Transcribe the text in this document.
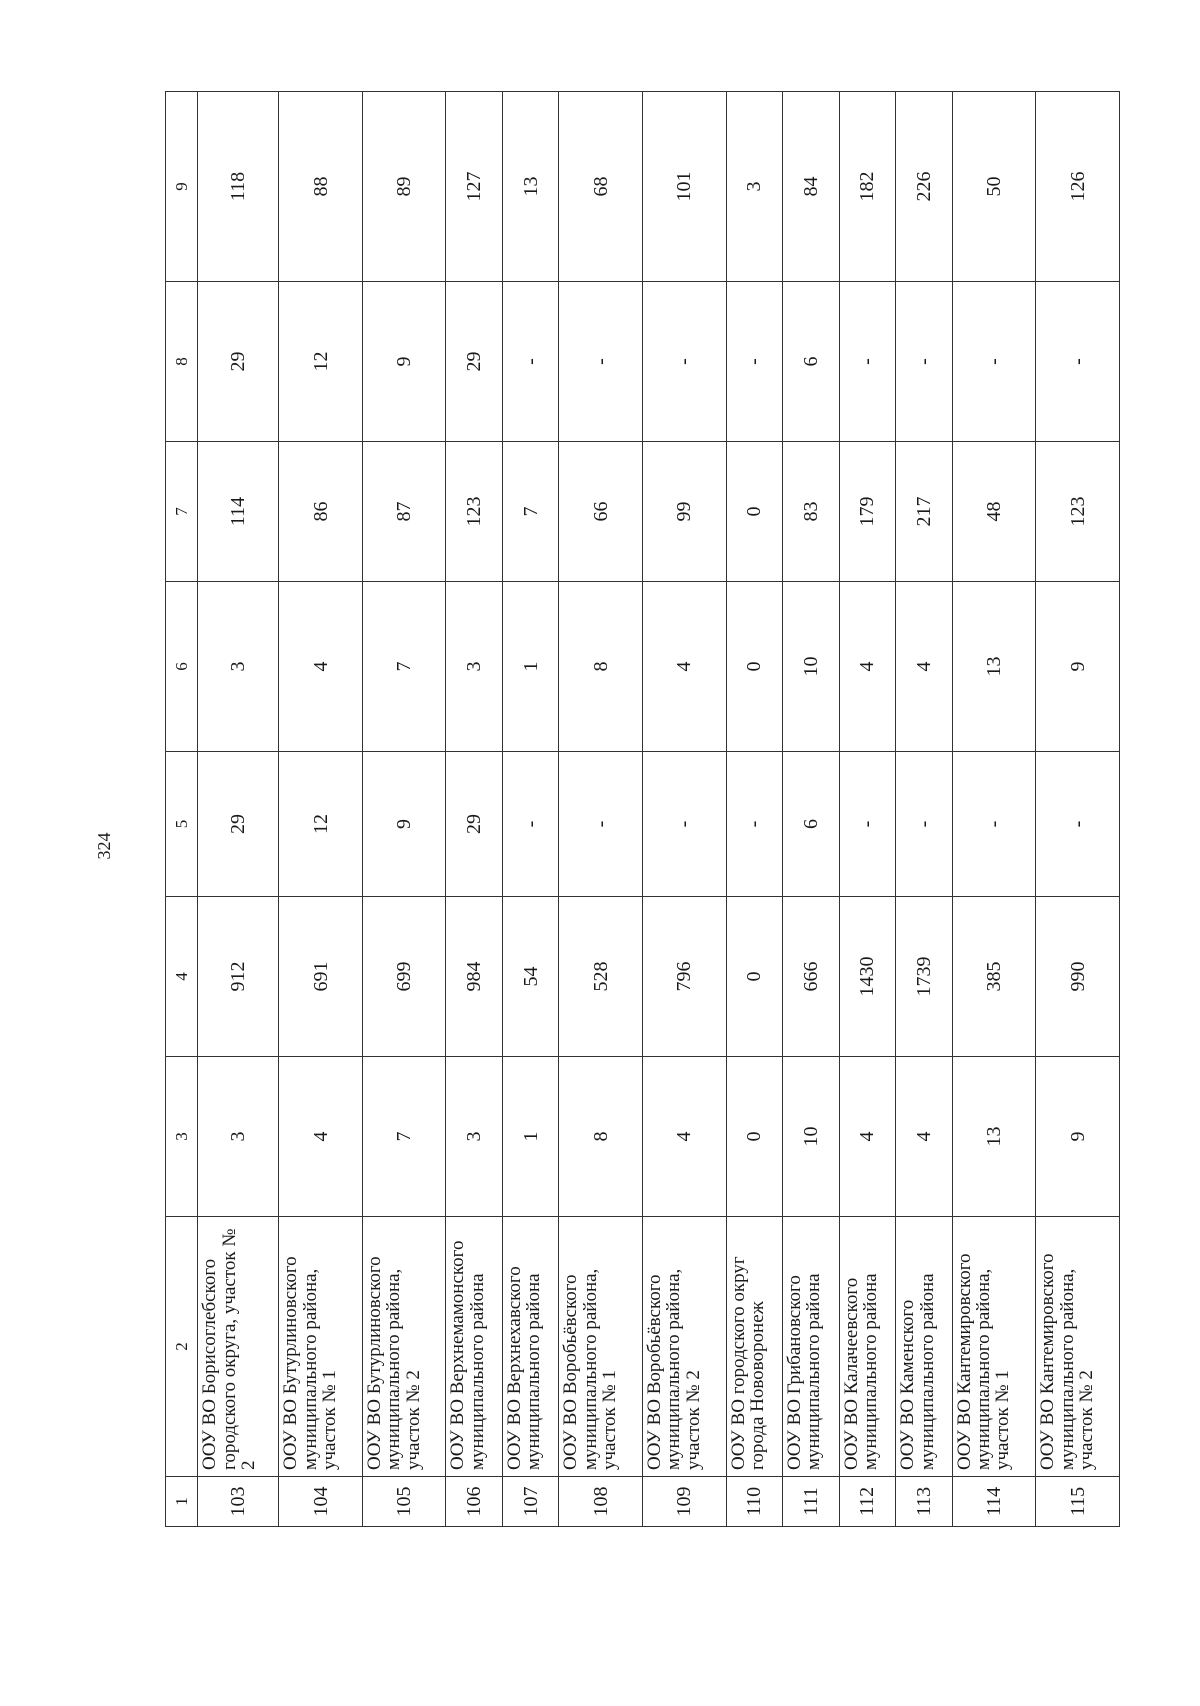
324
1	2	3	4	5	6	7	8	9
103	ООУ ВО Борисоглебского городского округа, участок № 2	3	912	29	3	114	29	118
104	ООУ ВО Бутурлиновского муниципального района, участок № 1	4	691	12	4	86	12	88
105	ООУ ВО Бутурлиновского муниципального района, участок № 2	7	699	9	7	87	9	89
106	ООУ ВО Верхнемамонского муниципального района	3	984	29	3	123	29	127
107	ООУ ВО Верхнехавского муниципального района	1	54	-	1	7	-	13
108	ООУ ВО Воробьёвского муниципального района, участок № 1	8	528	-	8	66	-	68
109	ООУ ВО Воробьёвского муниципального района, участок № 2	4	796	-	4	99	-	101
110	ООУ ВО городского округ города Нововоронеж	0	0	-	0	0	-	3
111	ООУ ВО Грибановского муниципального района	10	666	6	10	83	6	84
112	ООУ ВО Калачеевского муниципального района	4	1430	-	4	179	-	182
113	ООУ ВО Каменского муниципального района	4	1739	-	4	217	-	226
114	ООУ ВО Кантемировского муниципального района, участок № 1	13	385	-	13	48	-	50
115	ООУ ВО Кантемировского муниципального района, участок № 2	9	990	-	9	123	-	126
